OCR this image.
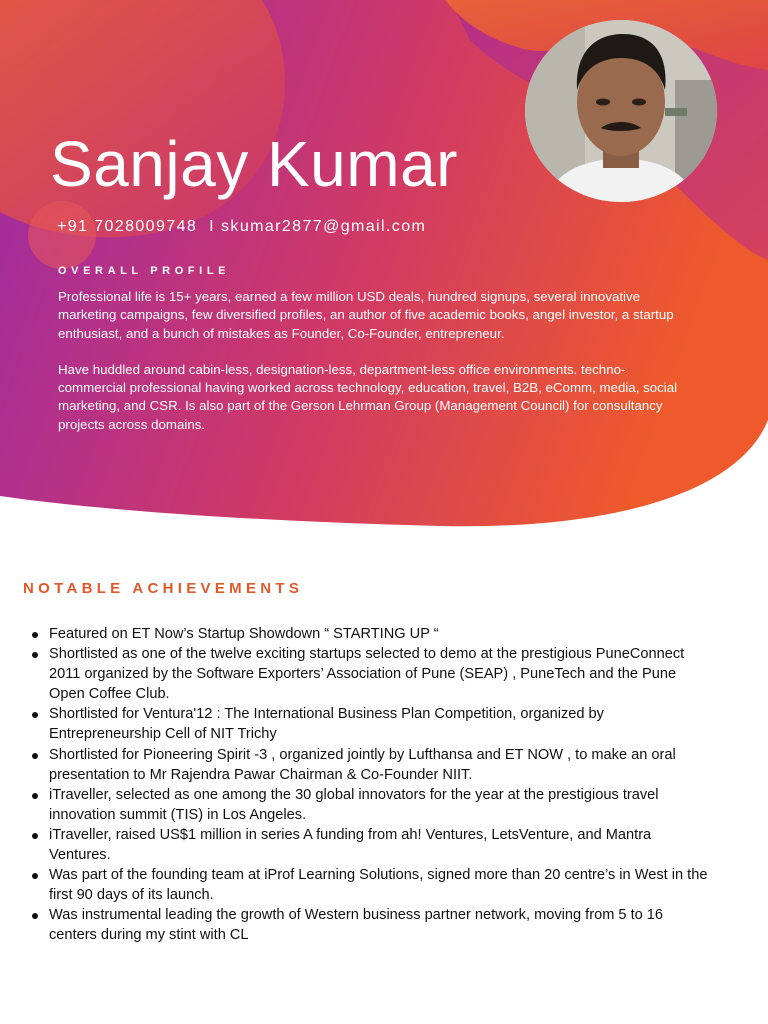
Sanjay Kumar

+91 7028009748 I skumar2877@gmail.com

OVERALL PROFILE

Professional life is 15+ years, earned a few million USD deals, hundred signups, several innovative marketing campaigns, few diversified profiles, an author of five academic books, angel investor, a startup enthusiast, and a bunch of mistakes as Founder, Co-Founder, entrepreneur.

Have huddled around cabin-less, designation-less, department-less office environments. techno- commercial professional having worked across technology, education, travel, B2B, eComm, media, social marketing, and CSR. Is also part of the Gerson Lehrman Group (Management Council) for consultancy projects across domains.

NOTABLE ACHIEVEMENTS
Featured on ET Now’s Startup Showdown “ STARTING UP “
Shortlisted as one of the twelve exciting startups selected to demo at the prestigious PuneConnect 2011 organized by the Software Exporters’ Association of Pune (SEAP) , PuneTech and the Pune Open Coffee Club.
Shortlisted for Ventura'12 : The International Business Plan Competition, organized by Entrepreneurship Cell of NIT Trichy
Shortlisted for Pioneering Spirit -3 , organized jointly by Lufthansa and ET NOW , to make an oral presentation to Mr Rajendra Pawar Chairman & Co-Founder NIIT.
iTraveller, selected as one among the 30 global innovators for the year at the prestigious travel innovation summit (TIS) in Los Angeles.
iTraveller, raised US$1 million in series A funding from ah! Ventures, LetsVenture, and Mantra Ventures.
Was part of the founding team at iProf Learning Solutions, signed more than 20 centre’s in West in the first 90 days of its launch.
Was instrumental leading the growth of Western business partner network, moving from 5 to 16 centers during my stint with CL
